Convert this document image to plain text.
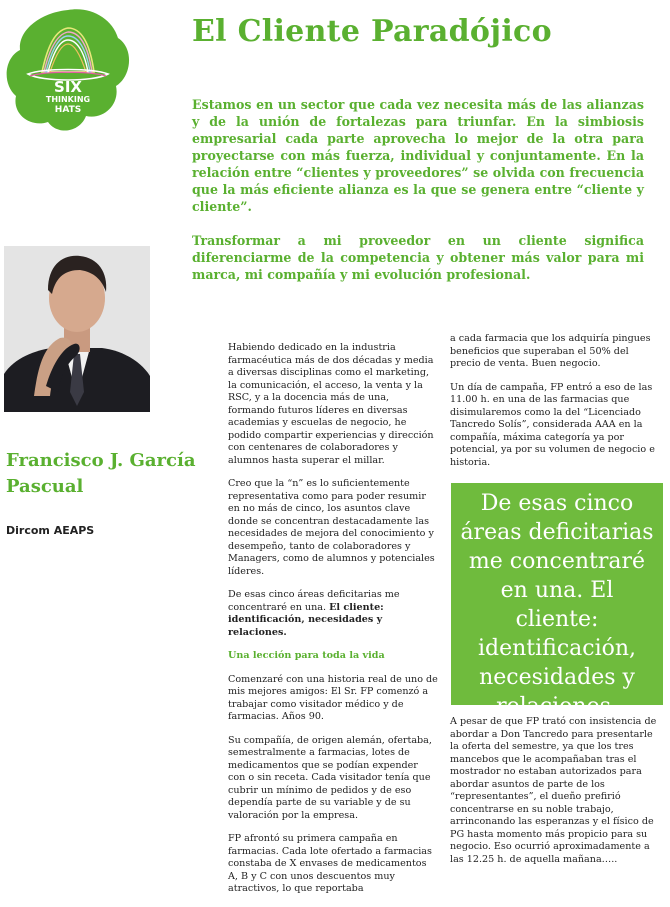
SIX
THINKING
HATS
El Cliente Paradójico

Estamos en un sector que cada vez necesita más de las alianzas y de la unión de fortalezas para triunfar. En la simbiosis empresarial cada parte aprovecha lo mejor de la otra para proyectarse con más fuerza, individual y conjuntamente. En la relación entre “clientes y proveedores” se olvida con frecuencia que la más eficiente alianza es la que se genera entre “cliente y cliente”.

Transformar a mi proveedor en un cliente significa diferenciarme de la competencia y obtener más valor para mi marca, mi compañía y mi evolución profesional.

Francisco J. García Pascual
Dircom AEAPS

Habiendo dedicado en la industria farmacéutica más de dos décadas y media a diversas disciplinas como el marketing, la comunicación, el acceso, la venta y la RSC, y a la docencia más de una, formando futuros líderes en diversas academias y escuelas de negocio, he podido compartir experiencias y dirección con centenares de colaboradores y alumnos hasta superar el millar.

Creo que la “n” es lo suficientemente representativa como para poder resumir en no más de cinco, los asuntos clave donde se concentran destacadamente las necesidades de mejora del conocimiento y desempeño, tanto de colaboradores y Managers, como de alumnos y potenciales líderes.

De esas cinco áreas deficitarias me concentraré en una. El cliente: identificación, necesidades y relaciones.

Una lección para toda la vida

Comenzaré con una historia real de uno de mis mejores amigos: El Sr. FP comenzó a trabajar como visitador médico y de farmacias. Años 90.

Su compañía, de origen alemán, ofertaba, semestralmente a farmacias, lotes de medicamentos que se podían expender con o sin receta. Cada visitador tenía que cubrir un mínimo de pedidos y de eso dependía parte de su variable y de su valoración por la empresa.

FP afrontó su primera campaña en farmacias. Cada lote ofertado a farmacias constaba de X envases de medicamentos A, B y C con unos descuentos muy atractivos, lo que reportaba

a cada farmacia que los adquiría pingues beneficios que superaban el 50% del precio de venta. Buen negocio.

Un día de campaña, FP entró a eso de las 11.00 h. en una de las farmacias que disimularemos como la del “Licenciado Tancredo Solís”, considerada AAA en la compañía, máxima categoría ya por potencial, ya por su volumen de negocio e historia.

De esas cinco áreas deficitarias me concentraré en una. El cliente: identificación, necesidades y relaciones.

A pesar de que FP trató con insistencia de abordar a Don Tancredo para presentarle la oferta del semestre, ya que los tres mancebos que le acompañaban tras el mostrador no estaban autorizados para abordar asuntos de parte de los “representantes”, el dueño prefirió concentrarse en su noble trabajo, arrinconando las esperanzas y el físico de PG hasta momento más propicio para su negocio. Eso ocurrió aproximadamente a las 12.25 h. de aquella mañana…..
